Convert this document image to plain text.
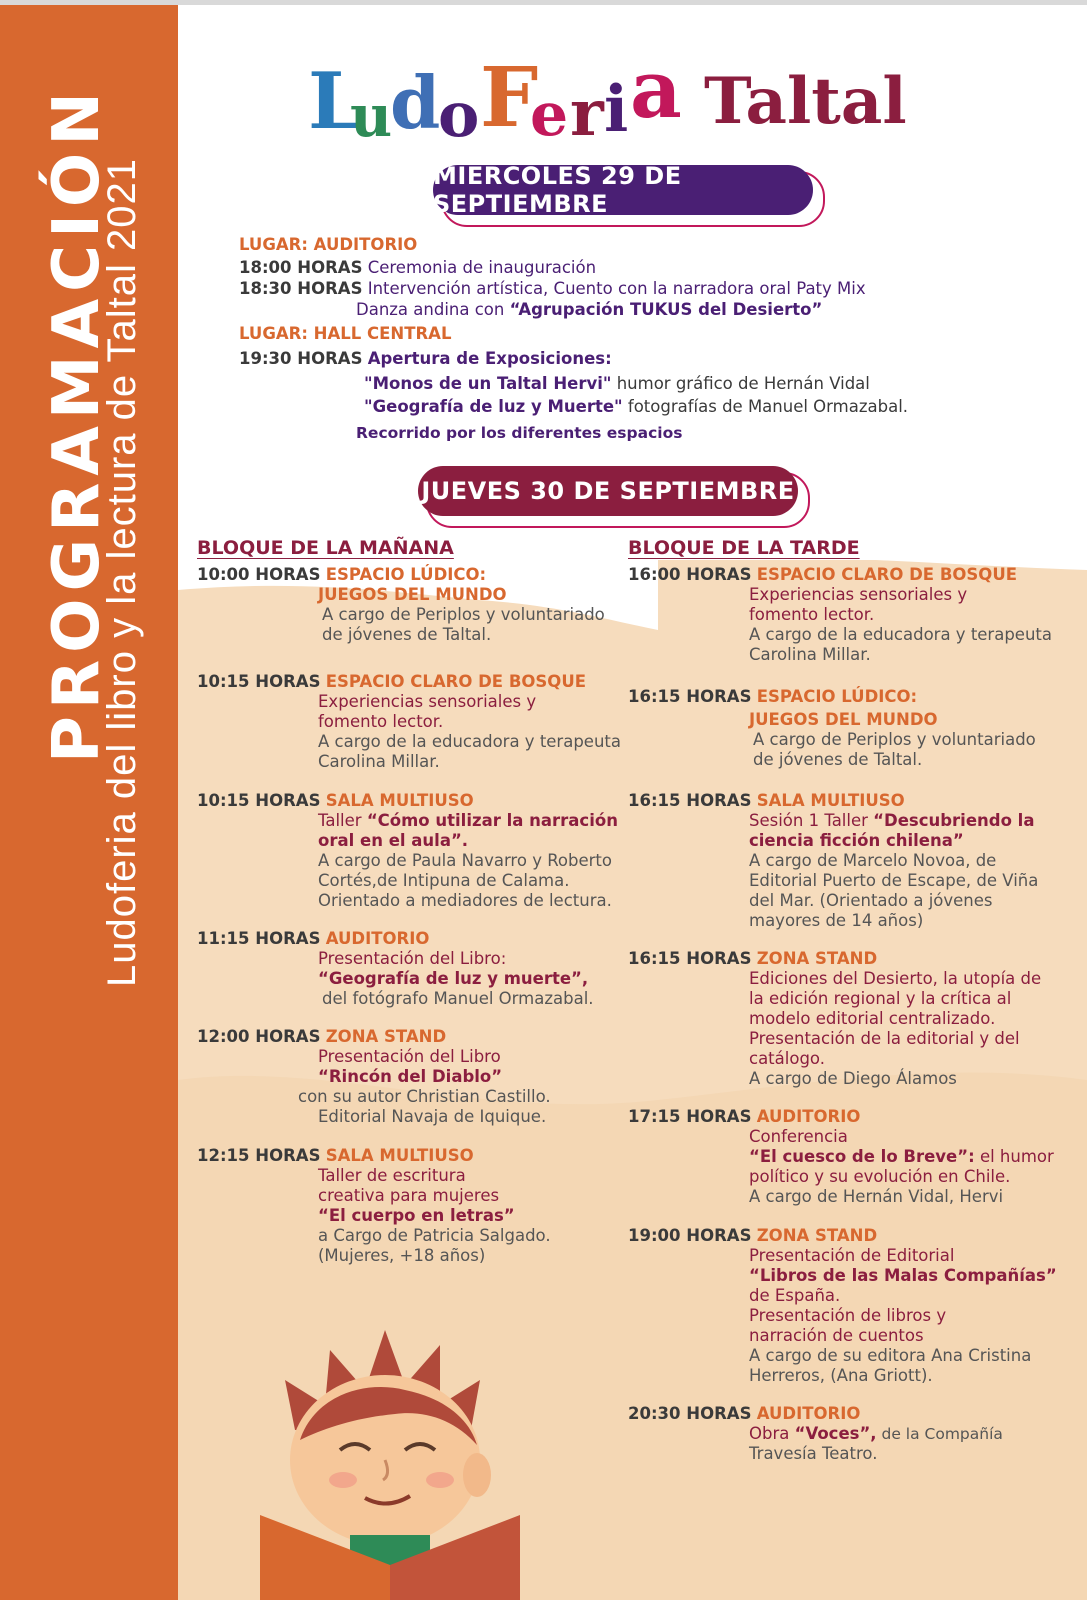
PROGRAMACIÓN
Ludoferia del libro y la lectura de Taltal 2021
L
u
d
o F
e r i a Taltal
MIÉRCOLES 29 DE SEPTIEMBRE
LUGAR: AUDITORIO
18:00 HORAS Ceremonia de inauguración
18:30 HORAS Intervención artística, Cuento con la narradora oral Paty Mix
Danza andina con “Agrupación TUKUS del Desierto”
LUGAR: HALL CENTRAL
19:30 HORAS Apertura de Exposiciones:
"Monos de un Taltal Hervi" humor gráfico de Hernán Vidal
"Geografía de luz y Muerte" fotografías de Manuel Ormazabal.
Recorrido por los diferentes espacios
JUEVES 30 DE SEPTIEMBRE
BLOQUE DE LA MAÑANA	BLOQUE DE LA TARDE
10:00 HORAS ESPACIO LÚDICO:
JUEGOS DEL MUNDO
A cargo de Periplos y voluntariado
de jóvenes de Taltal.
10:15 HORAS ESPACIO CLARO DE BOSQUE
Experiencias sensoriales y
fomento lector.
A cargo de la educadora y terapeuta
Carolina Millar.
10:15 HORAS SALA MULTIUSO
Taller “Cómo utilizar la narración
oral en el aula”.
A cargo de Paula Navarro y Roberto
Cortés,de Intipuna de Calama.
Orientado a mediadores de lectura.
11:15 HORAS AUDITORIO
Presentación del Libro:
“Geografía de luz y muerte”,
del fotógrafo Manuel Ormazabal.
12:00 HORAS ZONA STAND
Presentación del Libro
“Rincón del Diablo”
con su autor Christian Castillo.
Editorial Navaja de Iquique.
12:15 HORAS SALA MULTIUSO
Taller de escritura
creativa para mujeres
“El cuerpo en letras”
a Cargo de Patricia Salgado.
(Mujeres, +18 años)
16:00 HORAS ESPACIO CLARO DE BOSQUE
Experiencias sensoriales y
fomento lector.
A cargo de la educadora y terapeuta
Carolina Millar.
16:15 HORAS ESPACIO LÚDICO:
JUEGOS DEL MUNDO
A cargo de Periplos y voluntariado
de jóvenes de Taltal.
16:15 HORAS SALA MULTIUSO
Sesión 1 Taller “Descubriendo la
ciencia ficción chilena”
A cargo de Marcelo Novoa, de
Editorial Puerto de Escape, de Viña
del Mar. (Orientado a jóvenes
mayores de 14 años)
16:15 HORAS ZONA STAND
Ediciones del Desierto, la utopía de
la edición regional y la crítica al
modelo editorial centralizado.
Presentación de la editorial y del
catálogo.
A cargo de Diego Álamos
17:15 HORAS AUDITORIO
Conferencia
“El cuesco de lo Breve”: el humor
político y su evolución en Chile.
A cargo de Hernán Vidal, Hervi
19:00 HORAS ZONA STAND
Presentación de Editorial
“Libros de las Malas Compañías”
de España.
Presentación de libros y
narración de cuentos
A cargo de su editora Ana Cristina
Herreros, (Ana Griott).
20:30 HORAS AUDITORIO
Obra “Voces”, de la Compañía
Travesía Teatro.
